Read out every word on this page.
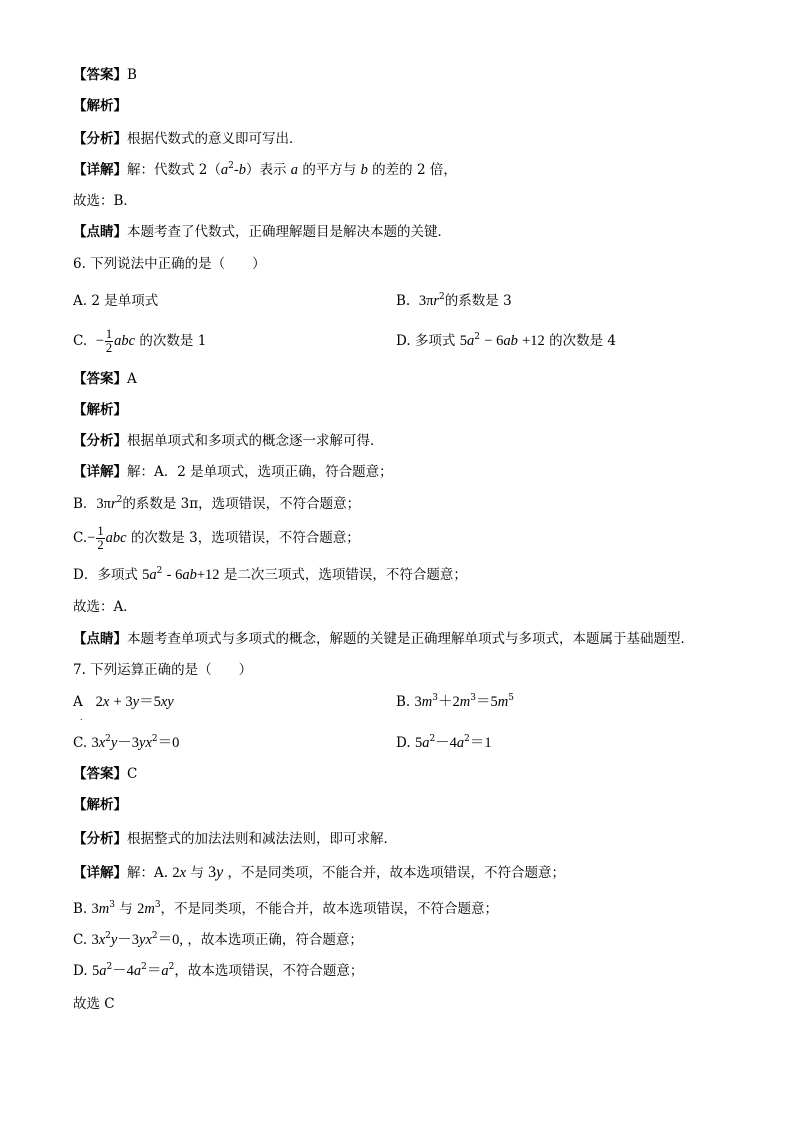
【答案】B
【解析】
【分析】根据代数式的意义即可写出．
【详解】解：代数式 $2(a^2-b)$表示 a 的平方与 b 的差的 2 倍，
故选：B．
【点睛】本题考查了代数式，正确理解题目是解决本题的关键．
6. 下列说法中正确的是（　　）
A. 2 是单项式	B. $3\pi r^2$的系数是 3
C. − $\frac{1}{2}$ abc 的次数是 1	D. 多项式 $5a^2 - 6ab +12$ 的次数是 4
【答案】A
【解析】
【分析】根据单项式和多项式的概念逐一求解可得．
【详解】解：A．2 是单项式，选项正确，符合题意；
B．$3\pi r^2$的系数是 3π，选项错误，不符合题意；
$C.- \frac{1}{2}$ abc 的次数是 3，选项错误，不符合题意；
D．多项式 $5a^2 - 6ab+12$ 是二次三项式，选项错误，不符合题意；
故选：A．
【点睛】本题考查单项式与多项式的概念，解题的关键是正确理解单项式与多项式，本题属于基础题型．
7. 下列运算正确的是（　　）
A 2x + 3y＝5xy
.
B. $3m^3+2m^3=5m^5$
C. $3x^2y-3yx^2=0$	D. $5a^2-4a^2=1$
【答案】C
【解析】
【分析】根据整式的加法法则和减法法则，即可求解．
【详解】解：A. 2x 与 3y ，不是同类项，不能合并，故本选项错误，不符合题意；
B. $3m^3$ 与 $2m^3$，不是同类项，不能合并，故本选项错误，不符合题意；
C. $3x^2y-3yx^2=0$, ，故本选项正确，符合题意；
D. $5a^2-4a^2=a^2$，故本选项错误，不符合题意；
故选 C
